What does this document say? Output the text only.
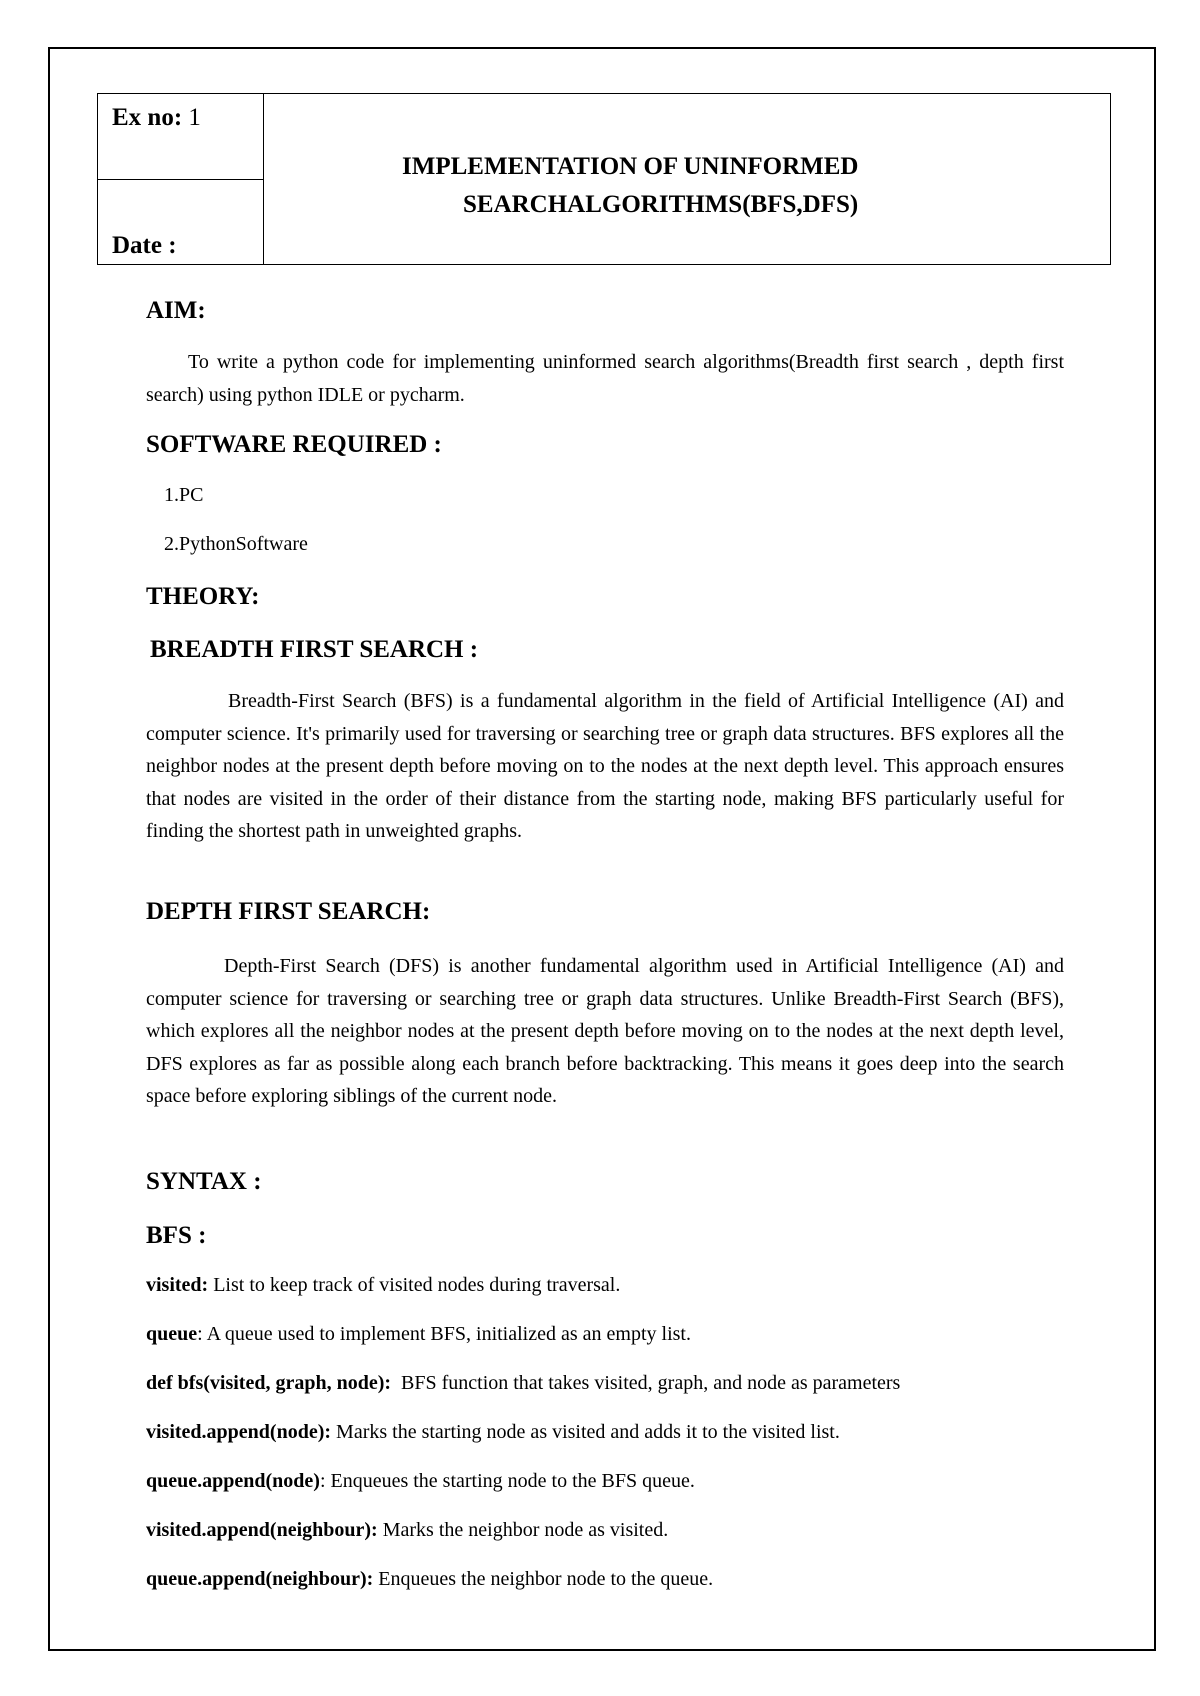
Ex no: 1
Date :
IMPLEMENTATION OF UNINFORMED
SEARCHALGORITHMS(BFS,DFS)
AIM:
To write a python code for implementing uninformed search algorithms(Breadth first search , depth first search) using python IDLE or pycharm.
SOFTWARE REQUIRED :
1.PC
2.PythonSoftware
THEORY:
BREADTH FIRST SEARCH :
Breadth-First Search (BFS) is a fundamental algorithm in the field of Artificial Intelligence (AI) and computer science. It's primarily used for traversing or searching tree or graph data structures. BFS explores all the neighbor nodes at the present depth before moving on to the nodes at the next depth level. This approach ensures that nodes are visited in the order of their distance from the starting node, making BFS particularly useful for finding the shortest path in unweighted graphs.
DEPTH FIRST SEARCH:
Depth-First Search (DFS) is another fundamental algorithm used in Artificial Intelligence (AI) and computer science for traversing or searching tree or graph data structures. Unlike Breadth-First Search (BFS), which explores all the neighbor nodes at the present depth before moving on to the nodes at the next depth level, DFS explores as far as possible along each branch before backtracking. This means it goes deep into the search space before exploring siblings of the current node.
SYNTAX :
BFS :
visited: List to keep track of visited nodes during traversal.
queue: A queue used to implement BFS, initialized as an empty list.
def bfs(visited, graph, node):  BFS function that takes visited, graph, and node as parameters
visited.append(node): Marks the starting node as visited and adds it to the visited list.
queue.append(node): Enqueues the starting node to the BFS queue.
visited.append(neighbour): Marks the neighbor node as visited.
queue.append(neighbour): Enqueues the neighbor node to the queue.
